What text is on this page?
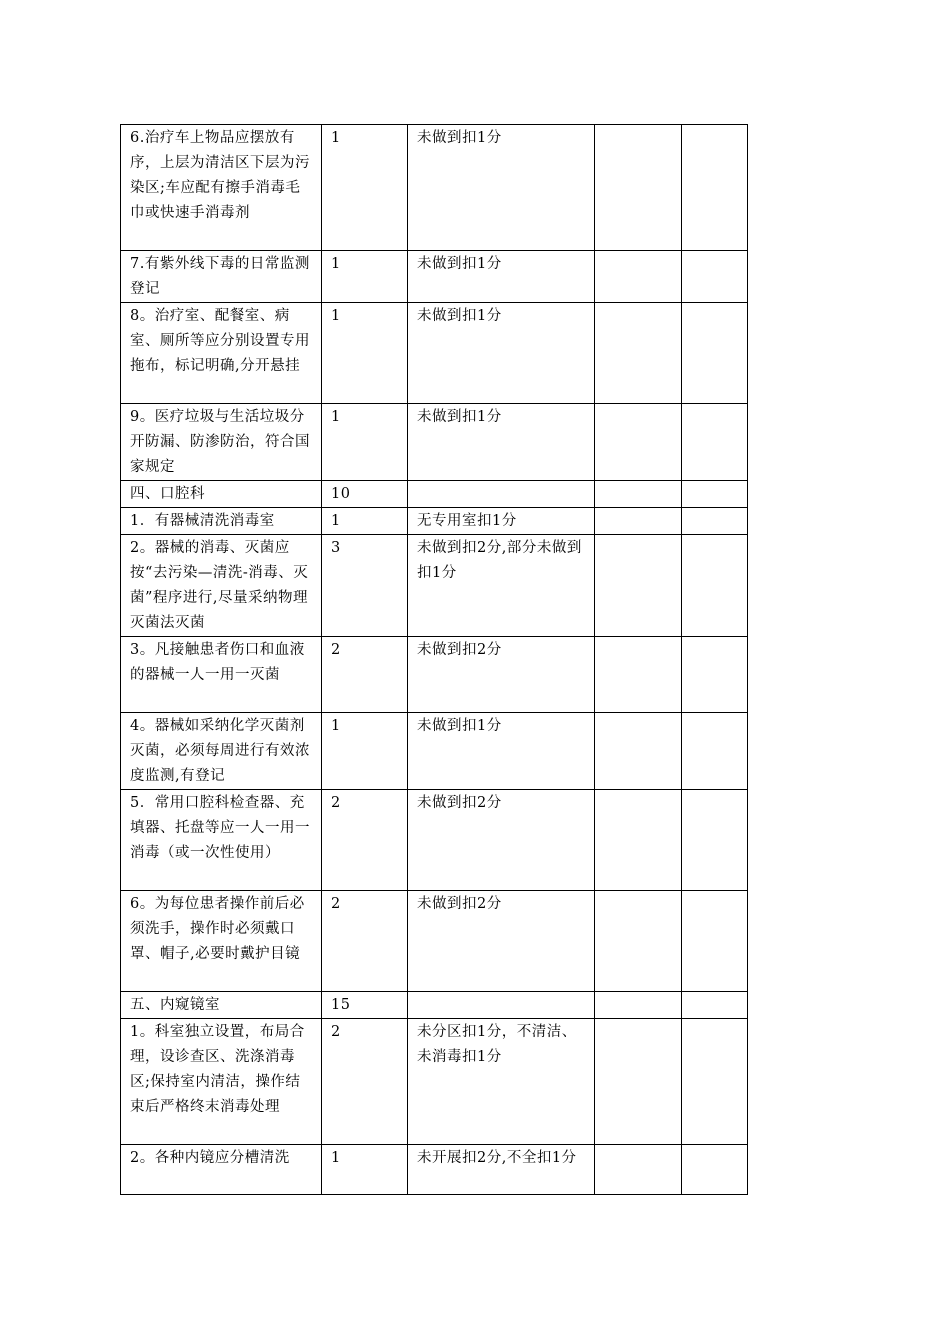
6.治疗车上物品应摆放有序，上层为清洁区下层为污染区;车应配有擦手消毒毛巾或快速手消毒剂	1	未做到扣1分		
7.有紫外线下毒的日常监测登记	1	未做到扣1分		
8。治疗室、配餐室、病室、厕所等应分别设置专用拖布，标记明确,分开悬挂	1	未做到扣1分		
9。医疗垃圾与生活垃圾分开防漏、防渗防治，符合国家规定	1	未做到扣1分		
四、口腔科	10			
1．有器械清洗消毒室	1	无专用室扣1分		
2。器械的消毒、灭菌应按“去污染—清洗-消毒、灭菌”程序进行,尽量采纳物理灭菌法灭菌	3	未做到扣2分,部分未做到扣1分		
3。凡接触患者伤口和血液的器械一人一用一灭菌	2	未做到扣2分		
4。器械如采纳化学灭菌剂灭菌，必须每周进行有效浓度监测,有登记	1	未做到扣1分		
5．常用口腔科检查器、充填器、托盘等应一人一用一消毒（或一次性使用）	2	未做到扣2分		
6。为每位患者操作前后必须洗手，操作时必须戴口罩、帽子,必要时戴护目镜	2	未做到扣2分		
五、内窥镜室	15			
1。科室独立设置，布局合理，设诊查区、洗涤消毒区;保持室内清洁，操作结束后严格终末消毒处理	2	未分区扣1分，不清洁、未消毒扣1分		
2。各种内镜应分槽清洗	1	未开展扣2分,不全扣1分		
